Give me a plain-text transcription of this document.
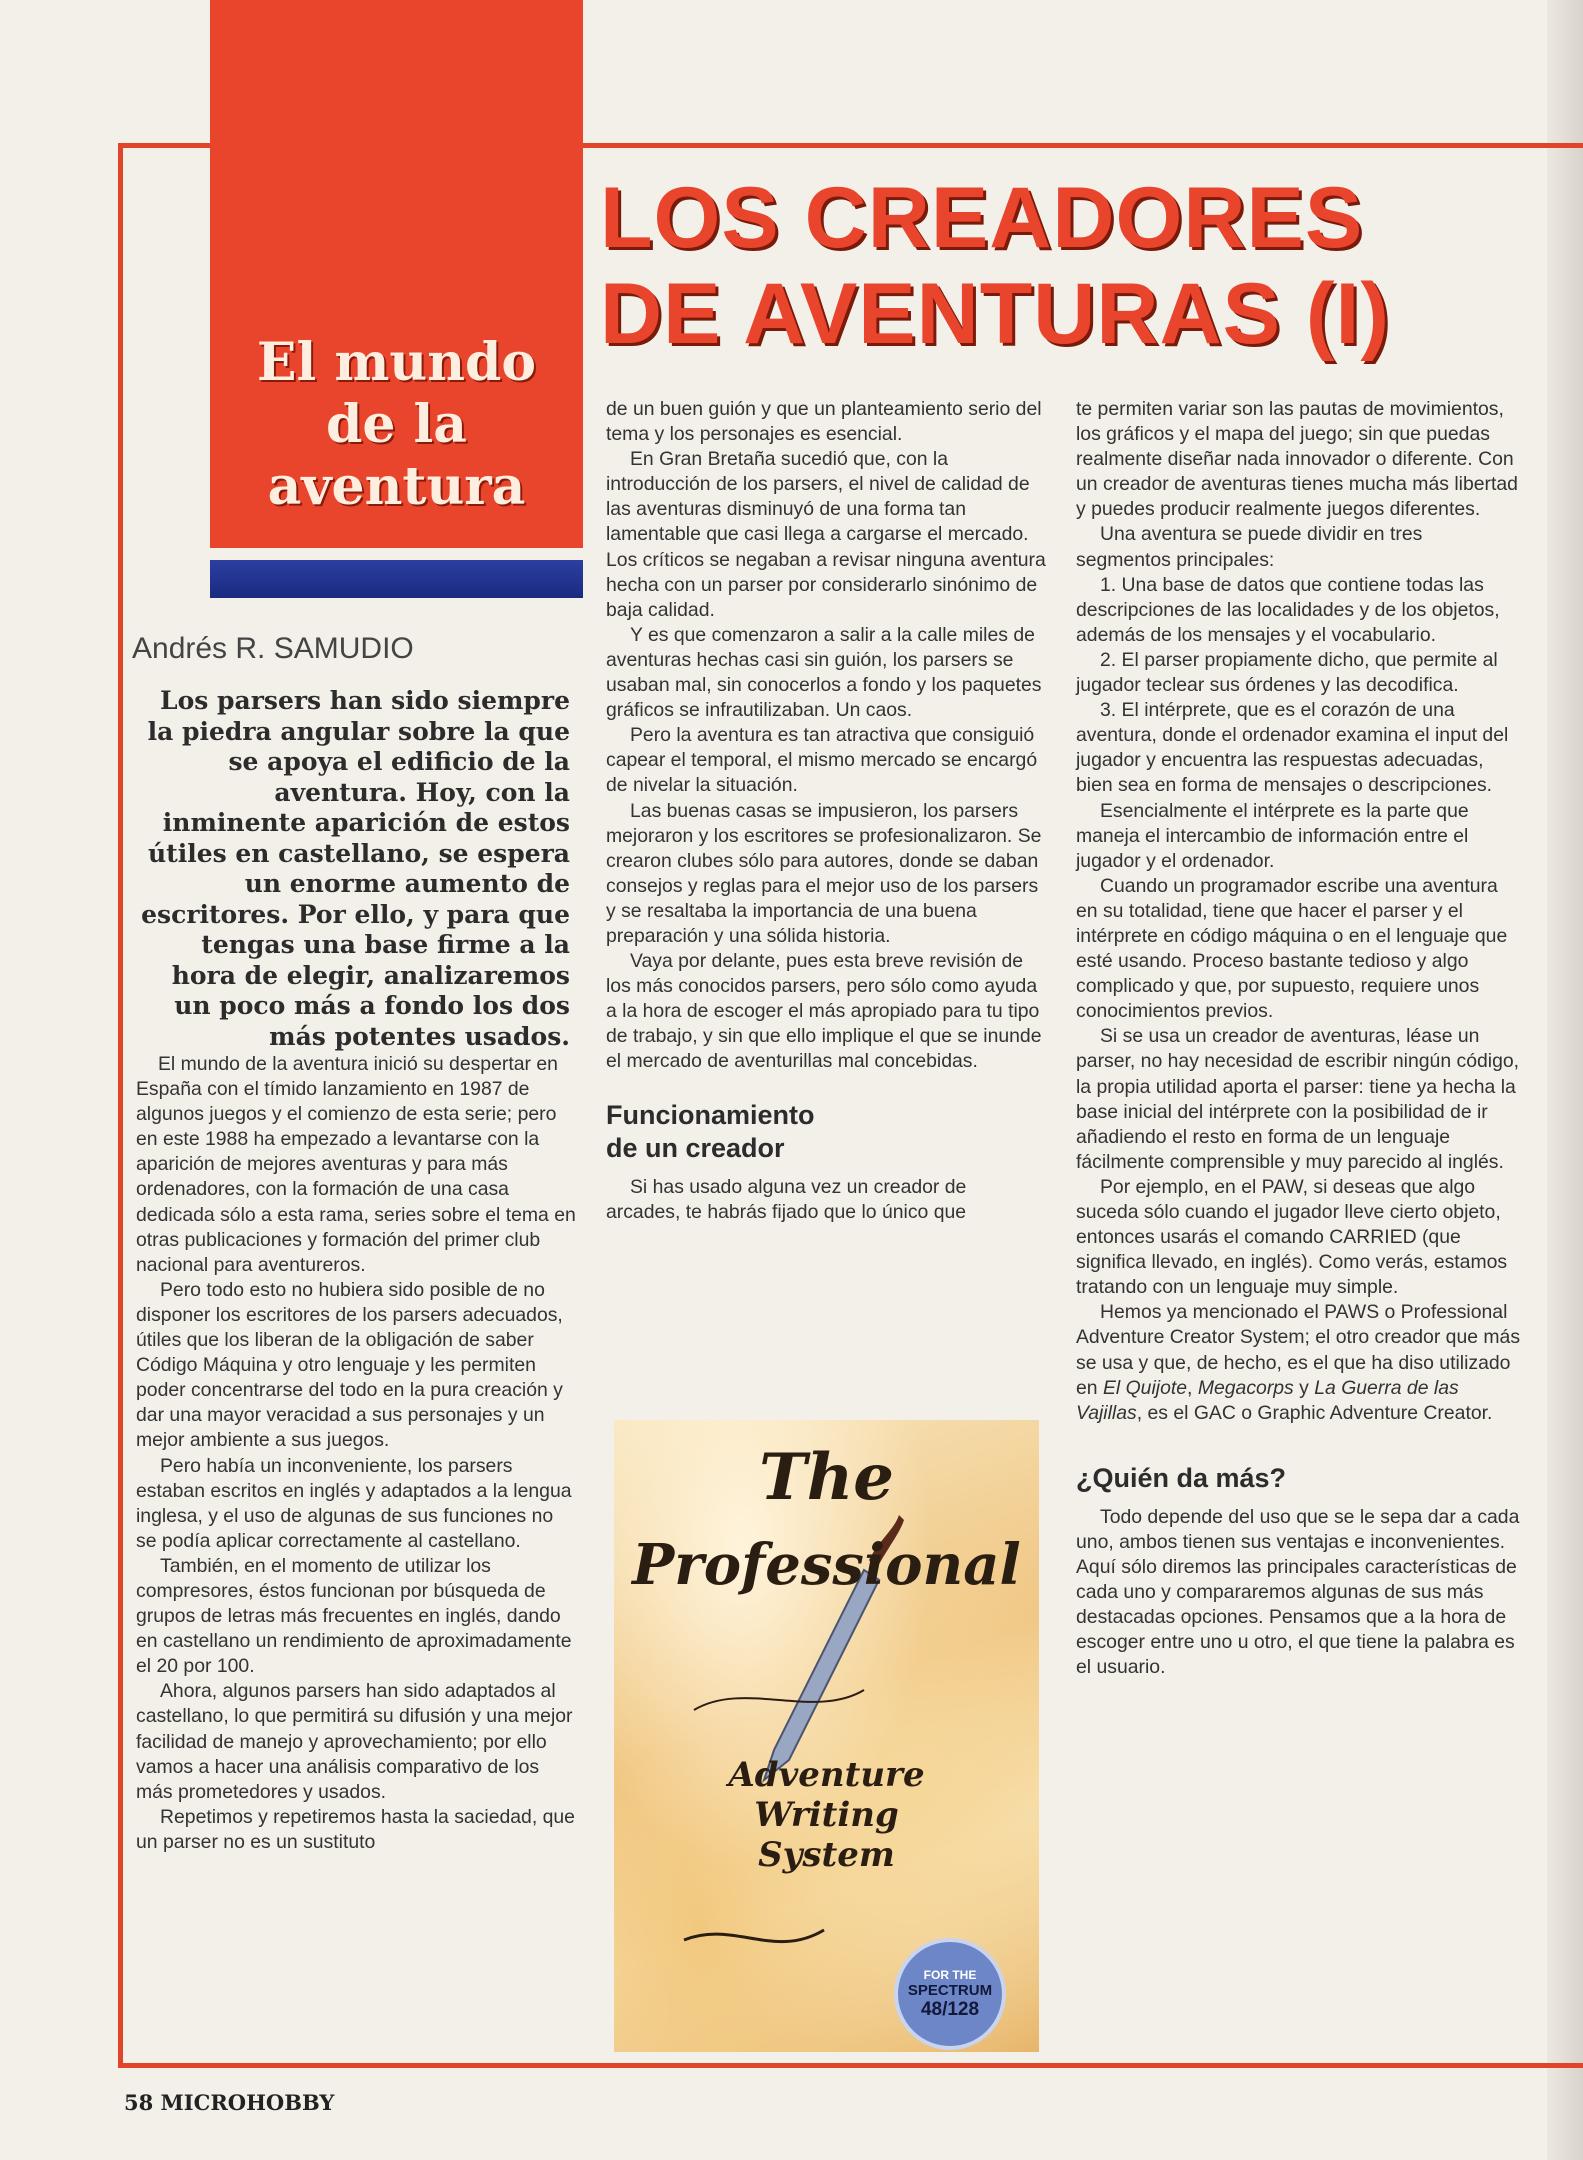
El mundo
de la
aventura
LOS CREADORES
DE AVENTURAS (I)

Andrés R. SAMUDIO

Los parsers han sido siempre la piedra angular sobre la que se apoya el edificio de la aventura. Hoy, con la inminente aparición de estos útiles en castellano, se espera un enorme aumento de escritores. Por ello, y para que tengas una base firme a la hora de elegir, analizaremos un poco más a fondo los dos más potentes usados.

El mundo de la aventura inició su despertar en España con el tímido lanzamiento en 1987 de algunos juegos y el comienzo de esta serie; pero en este 1988 ha empezado a levantarse con la aparición de mejores aventuras y para más ordenadores, con la formación de una casa dedicada sólo a esta rama, series sobre el tema en otras publicaciones y formación del primer club nacional para aventureros.

Pero todo esto no hubiera sido posible de no disponer los escritores de los parsers adecuados, útiles que los liberan de la obligación de saber Código Máquina y otro lenguaje y les permiten poder concentrarse del todo en la pura creación y dar una mayor veracidad a sus personajes y un mejor ambiente a sus juegos.

Pero había un inconveniente, los parsers estaban escritos en inglés y adaptados a la lengua inglesa, y el uso de algunas de sus funciones no se podía aplicar correctamente al castellano.

También, en el momento de utilizar los compresores, éstos funcionan por búsqueda de grupos de letras más frecuentes en inglés, dando en castellano un rendimiento de aproximadamente el 20 por 100.

Ahora, algunos parsers han sido adaptados al castellano, lo que permitirá su difusión y una mejor facilidad de manejo y aprovechamiento; por ello vamos a hacer una análisis comparativo de los más prometedores y usados.

Repetimos y repetiremos hasta la saciedad, que un parser no es un sustituto

de un buen guión y que un planteamiento serio del tema y los personajes es esencial.

En Gran Bretaña sucedió que, con la introducción de los parsers, el nivel de calidad de las aventuras disminuyó de una forma tan lamentable que casi llega a cargarse el mercado. Los críticos se negaban a revisar ninguna aventura hecha con un parser por considerarlo sinónimo de baja calidad.

Y es que comenzaron a salir a la calle miles de aventuras hechas casi sin guión, los parsers se usaban mal, sin conocerlos a fondo y los paquetes gráficos se infrautilizaban. Un caos.

Pero la aventura es tan atractiva que consiguió capear el temporal, el mismo mercado se encargó de nivelar la situación.

Las buenas casas se impusieron, los parsers mejoraron y los escritores se profesionalizaron. Se crearon clubes sólo para autores, donde se daban consejos y reglas para el mejor uso de los parsers y se resaltaba la importancia de una buena preparación y una sólida historia.

Vaya por delante, pues esta breve revisión de los más conocidos parsers, pero sólo como ayuda a la hora de escoger el más apropiado para tu tipo de trabajo, y sin que ello implique el que se inunde el mercado de aventurillas mal concebidas.

Funcionamiento
de un creador

Si has usado alguna vez un creador de arcades, te habrás fijado que lo único que

The

Professional

Adventure
Writing
System

FOR THE
SPECTRUM
48/128

te permiten variar son las pautas de movimientos, los gráficos y el mapa del juego; sin que puedas realmente diseñar nada innovador o diferente. Con un creador de aventuras tienes mucha más libertad y puedes producir realmente juegos diferentes.

Una aventura se puede dividir en tres segmentos principales:

1. Una base de datos que contiene todas las descripciones de las localidades y de los objetos, además de los mensajes y el vocabulario.

2. El parser propiamente dicho, que permite al jugador teclear sus órdenes y las decodifica.

3. El intérprete, que es el corazón de una aventura, donde el ordenador examina el input del jugador y encuentra las respuestas adecuadas, bien sea en forma de mensajes o descripciones.

Esencialmente el intérprete es la parte que maneja el intercambio de información entre el jugador y el ordenador.

Cuando un programador escribe una aventura en su totalidad, tiene que hacer el parser y el intérprete en código máquina o en el lenguaje que esté usando. Proceso bastante tedioso y algo complicado y que, por supuesto, requiere unos conocimientos previos.

Si se usa un creador de aventuras, léase un parser, no hay necesidad de escribir ningún código, la propia utilidad aporta el parser: tiene ya hecha la base inicial del intérprete con la posibilidad de ir añadiendo el resto en forma de un lenguaje fácilmente comprensible y muy parecido al inglés.

Por ejemplo, en el PAW, si deseas que algo suceda sólo cuando el jugador lleve cierto objeto, entonces usarás el comando CARRIED (que significa llevado, en inglés). Como verás, estamos tratando con un lenguaje muy simple.

Hemos ya mencionado el PAWS o Professional Adventure Creator System; el otro creador que más se usa y que, de hecho, es el que ha diso utilizado en El Quijote, Megacorps y La Guerra de las Vajillas, es el GAC o Graphic Adventure Creator.

¿Quién da más?

Todo depende del uso que se le sepa dar a cada uno, ambos tienen sus ventajas e inconvenientes. Aquí sólo diremos las principales características de cada uno y compararemos algunas de sus más destacadas opciones. Pensamos que a la hora de escoger entre uno u otro, el que tiene la palabra es el usuario.

58 MICROHOBBY
